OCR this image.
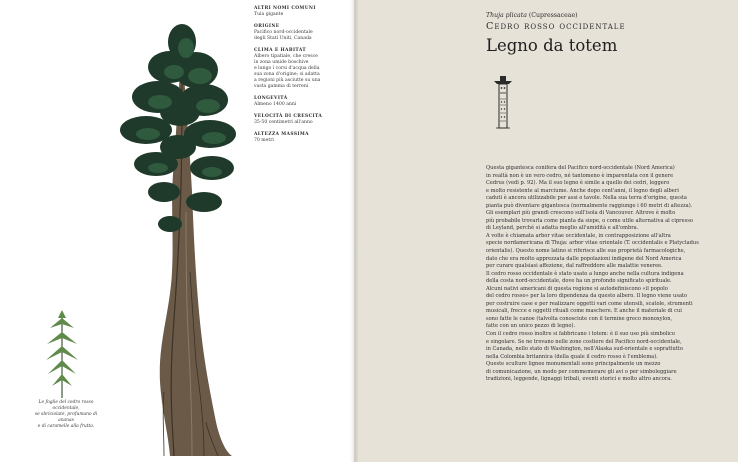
Le foglie del cedro rosso occidentale,
se sbriciolate, profumano di ananas
e di caramelle alla frutta.
ALTRI NOMI COMUNI
Tuia gigante
ORIGINE
Pacifico nord-occidentale
degli Stati Uniti, Canada
CLIMA E HABITAT
Albero tipatiale, che cresce
in zona umide boschive
e lungo i corsi d'acqua della
sua zona d'origine; si adatta
a regioni più asciutte su una
vasta gamma di terreni
LONGEVITÀ
Almeno 1400 anni
VELOCITÀ DI CRESCITA
35-50 centimetri all'anno
ALTEZZA MASSIMA
70 metri
Thuja plicata (Cupressaceae)
Cedro rosso occidentale
Legno da totem
Questa gigantesca conifera del Pacifico nord-occidentale (Nord America)
in realtà non è un vero cedro, né tantomeno è imparentata con il genere
Cedrus (vedi p. 92). Ma il suo legno è simile a quello dei cedri, leggero
e molto resistente al marciume. Anche dopo cent'anni, il legno degli alberi
caduti è ancora utilizzabile per assi o tavole. Nella sua terra d'origine, questa
pianta può diventare gigantesca (normalmente raggiunge i 60 metri di altezza).
Gli esemplari più grandi crescono sull'isola di Vancouver. Altrove è molto
più probabile trovarla come pianta da siepe, o come utile alternativa al cipresso
di Leyland, perché si adatta meglio all'umidità e all'ombra.
A volte è chiamata arbor vitae occidentale, in contrapposizione all'altra
specie nordamericana di Thuja: arbor vitae orientale (T. occidentalis e Platycladus
orientalis). Questo nome latino si riferisce alle sue proprietà farmacologiche,
dato che era molto apprezzata dalle popolazioni indigene del Nord America
per curare qualsiasi affezione, dal raffreddore alle malattie veneree.
Il cedro rosso occidentale è stato usato a lungo anche nella cultura indigena
della costa nord-occidentale, dove ha un profondo significato spirituale.
Alcuni nativi americani di questa regione si autodefiniscono «il popolo
del cedro rosso» per la loro dipendenza da questo albero. Il legno viene usato
per costruire case e per realizzare oggetti vari come utensili, scatole, strumenti
musicali, frecce e oggetti rituali come maschere. E anche il materiale di cui
sono fatte le canoe (talvolta conosciute con il termine greco monoxylon,
fatte con un unico pezzo di legno).
Con il cedro rosso inoltre si fabbricano i totem: è il suo uso più simbolico
e singolare. Se ne trovano nelle zone costiere del Pacifico nord-occidentale,
in Canada, nello stato di Washington, nell'Alaska sud-orientale e soprattutto
nella Colombia britannica (della quale il cedro rosso è l'emblema).
Queste sculture lignee monumentali sono principalmente un mezzo
di comunicazione, un modo per commemorare gli avi o per simboleggiare
tradizioni, leggende, lignaggi tribali, eventi storici e molto altro ancora.
